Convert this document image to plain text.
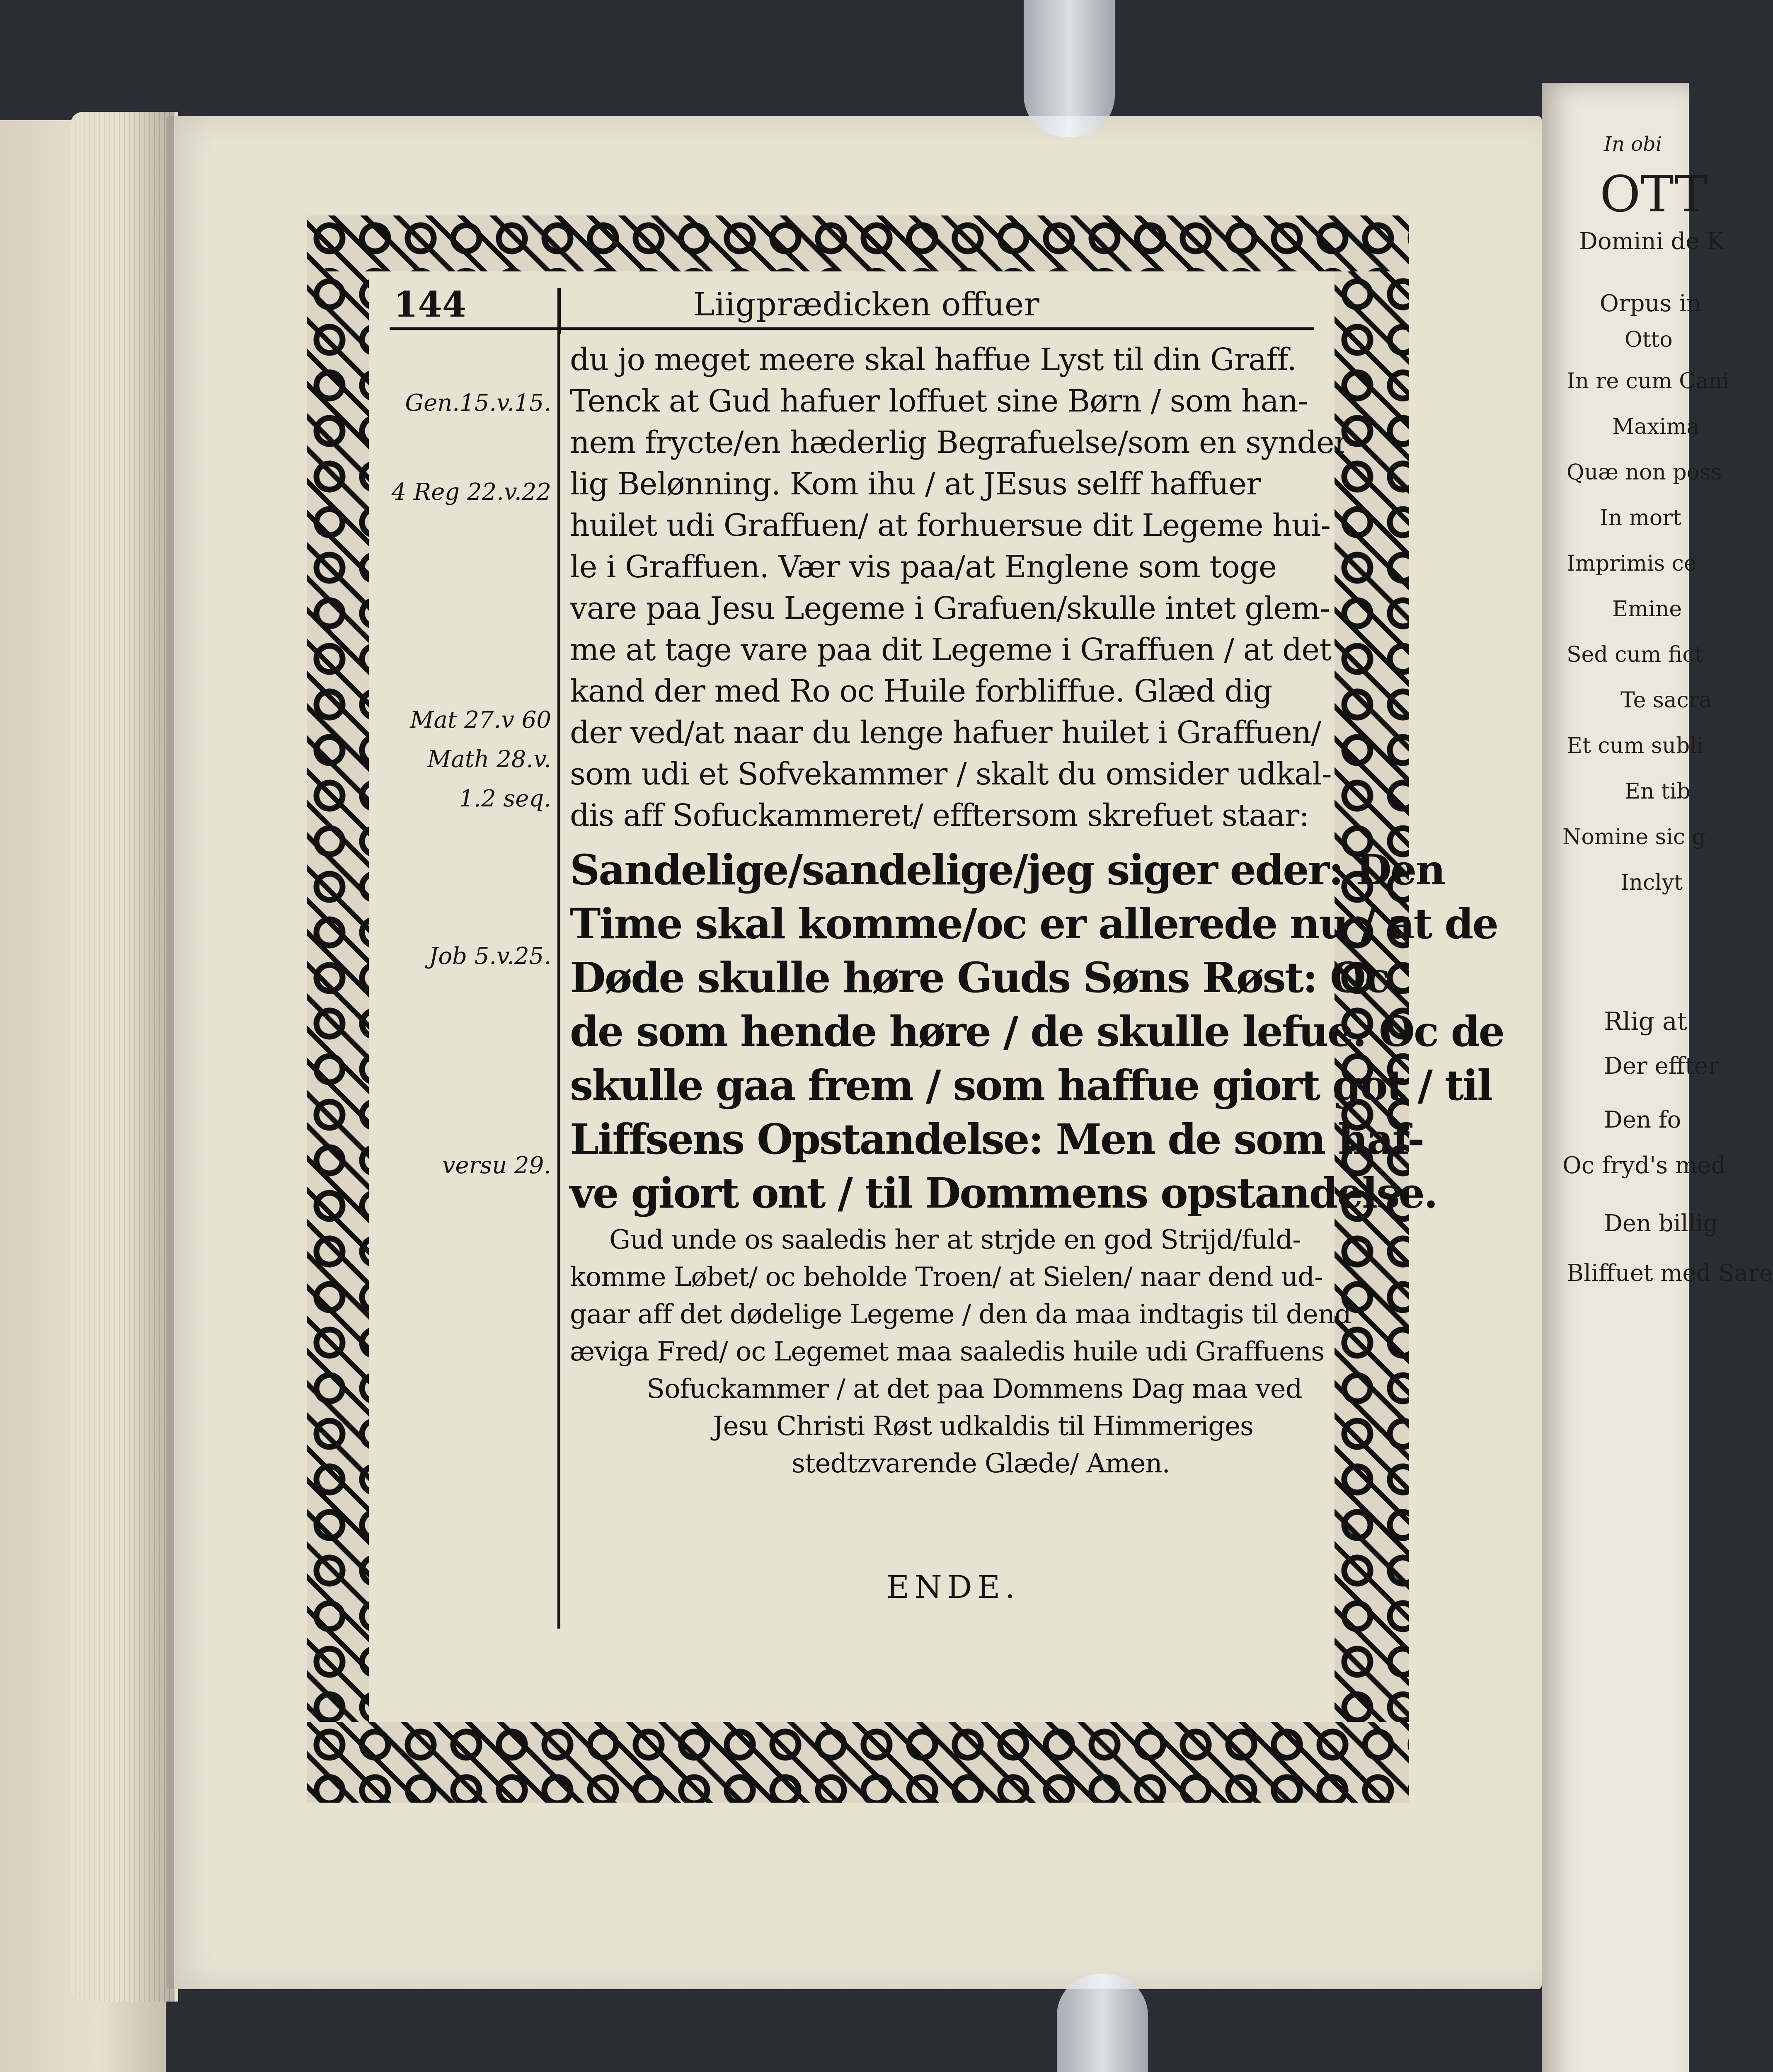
In obi
OTT
Domini de K
Orpus in
Otto
In re cum Cani
Maxima
Quæ non poss
In mort
Imprimis ce
Emine
Sed cum fict
Te sacra
Et cum subli
En tib
Nomine sic g
Inclyt
Rlig at
Der effter
Den fo
Oc fryd's med
Den billig
Bliffuet med Sare
144	Liigprædicken offuer
Gen.15.v.15.
4 Reg 22.v.22
Mat 27.v 60
Math 28.v.
1.2 seq.
Job 5.v.25.
versu 29.
du jo meget meere skal haffue Lyst til din Graff.
Tenck at Gud hafuer loffuet sine Børn / som han-
nem frycte/en hæderlig Begrafuelse/som en synder-
lig Belønning. Kom ihu / at JEsus selff haffuer
huilet udi Graffuen/ at forhuersue dit Legeme hui-
le i Graffuen. Vær vis paa/at Englene som toge
vare paa Jesu Legeme i Grafuen/skulle intet glem-
me at tage vare paa dit Legeme i Graffuen / at det
kand der med Ro oc Huile forbliffue. Glæd dig
der ved/at naar du lenge hafuer huilet i Graffuen/
som udi et Sofvekammer / skalt du omsider udkal-
dis aff Sofuckammeret/ efftersom skrefuet staar:
Sandelige/sandelige/jeg siger eder: Den
Time skal komme/oc er allerede nu / at de
Døde skulle høre Guds Søns Røst: Oc
de som hende høre / de skulle lefue. Oc de
skulle gaa frem / som haffue giort got / til
Liffsens Opstandelse: Men de som haf-
ve giort ont / til Dommens opstandelse.
Gud unde os saaledis her at strjde en god Strijd/fuld-
komme Løbet/ oc beholde Troen/ at Sielen/ naar dend ud-
gaar aff det dødelige Legeme / den da maa indtagis til dend
æviga Fred/ oc Legemet maa saaledis huile udi Graffuens
Sofuckammer / at det paa Dommens Dag maa ved
Jesu Christi Røst udkaldis til Himmeriges
stedtzvarende Glæde/ Amen.
ENDE.
